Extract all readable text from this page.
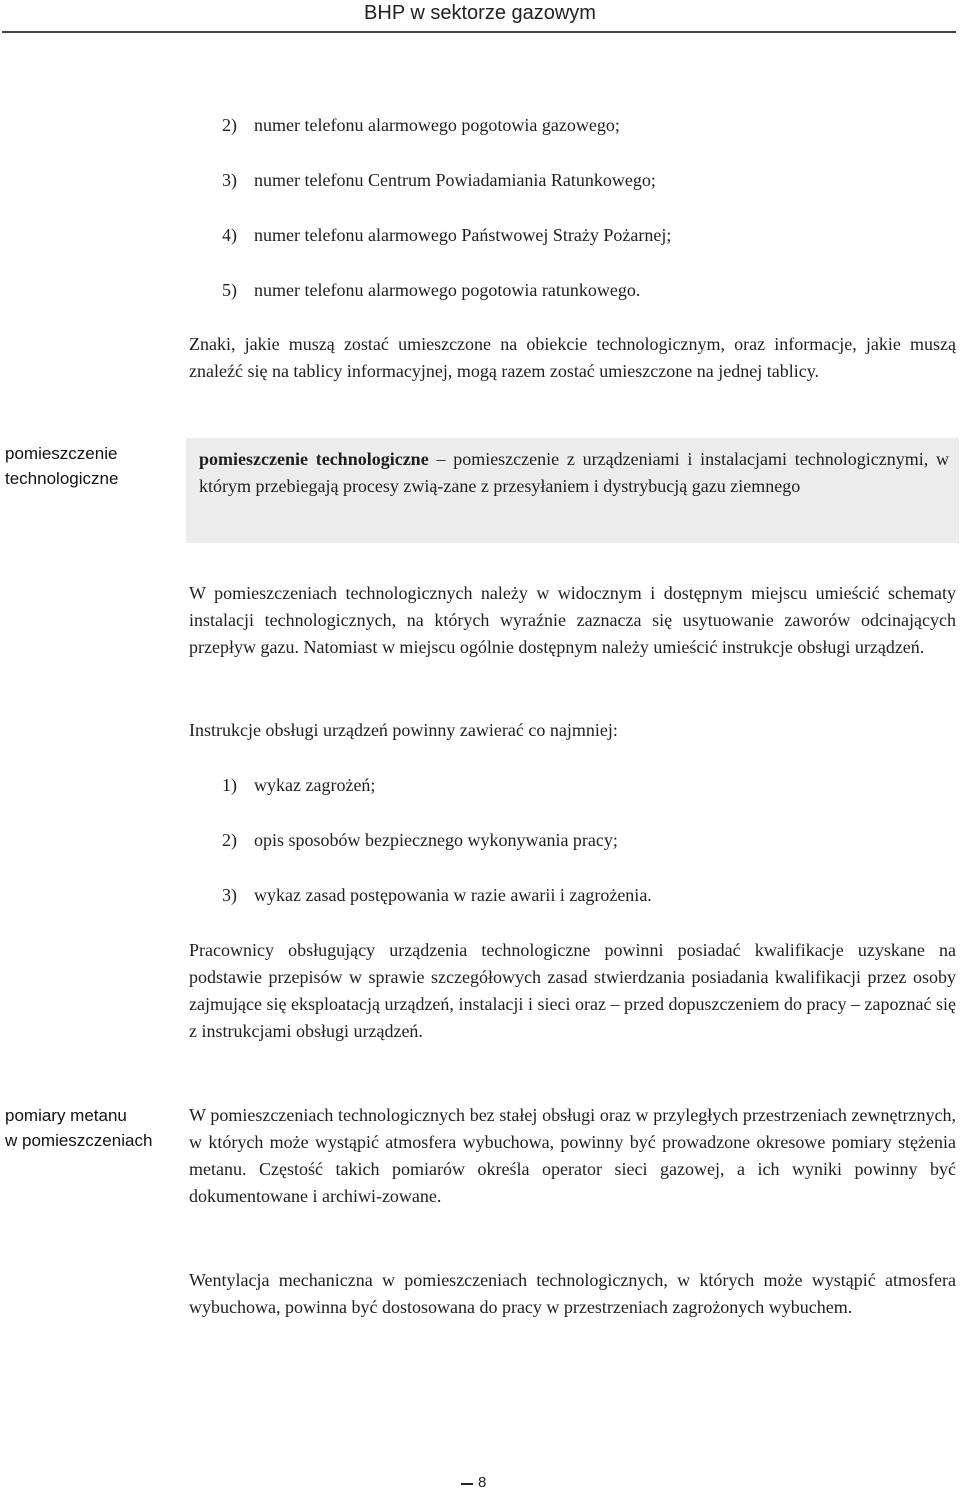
BHP w sektorze gazowym
2) numer telefonu alarmowego pogotowia gazowego;
3) numer telefonu Centrum Powiadamiania Ratunkowego;
4) numer telefonu alarmowego Państwowej Straży Pożarnej;
5) numer telefonu alarmowego pogotowia ratunkowego.

Znaki, jakie muszą zostać umieszczone na obiekcie technologicznym, oraz informacje, jakie muszą znaleźć się na tablicy informacyjnej, mogą razem zostać umieszczone na jednej tablicy.

pomieszczenie
technologiczne

pomieszczenie technologiczne – pomieszczenie z urządzeniami i instalacjami technologicznymi, w którym przebiegają procesy zwią-zane z przesyłaniem i dystrybucją gazu ziemnego

W pomieszczeniach technologicznych należy w widocznym i dostępnym miejscu umieścić schematy instalacji technologicznych, na których wyraźnie zaznacza się usytuowanie zaworów odcinających przepływ gazu. Natomiast w miejscu ogólnie dostępnym należy umieścić instrukcje obsługi urządzeń.

Instrukcje obsługi urządzeń powinny zawierać co najmniej:

1) wykaz zagrożeń;
2) opis sposobów bezpiecznego wykonywania pracy;
3) wykaz zasad postępowania w razie awarii i zagrożenia.

Pracownicy obsługujący urządzenia technologiczne powinni posiadać kwalifikacje uzyskane na podstawie przepisów w sprawie szczegółowych zasad stwierdzania posiadania kwalifikacji przez osoby zajmujące się eksploatacją urządzeń, instalacji i sieci oraz – przed dopuszczeniem do pracy – zapoznać się z instrukcjami obsługi urządzeń.

pomiary metanu
w pomieszczeniach

W pomieszczeniach technologicznych bez stałej obsługi oraz w przyległych przestrzeniach zewnętrznych, w których może wystąpić atmosfera wybuchowa, powinny być prowadzone okresowe pomiary stężenia metanu. Częstość takich pomiarów określa operator sieci gazowej, a ich wyniki powinny być dokumentowane i archiwi-zowane.

Wentylacja mechaniczna w pomieszczeniach technologicznych, w których może wystąpić atmosfera wybuchowa, powinna być dostosowana do pracy w przestrzeniach zagrożonych wybuchem.

8
